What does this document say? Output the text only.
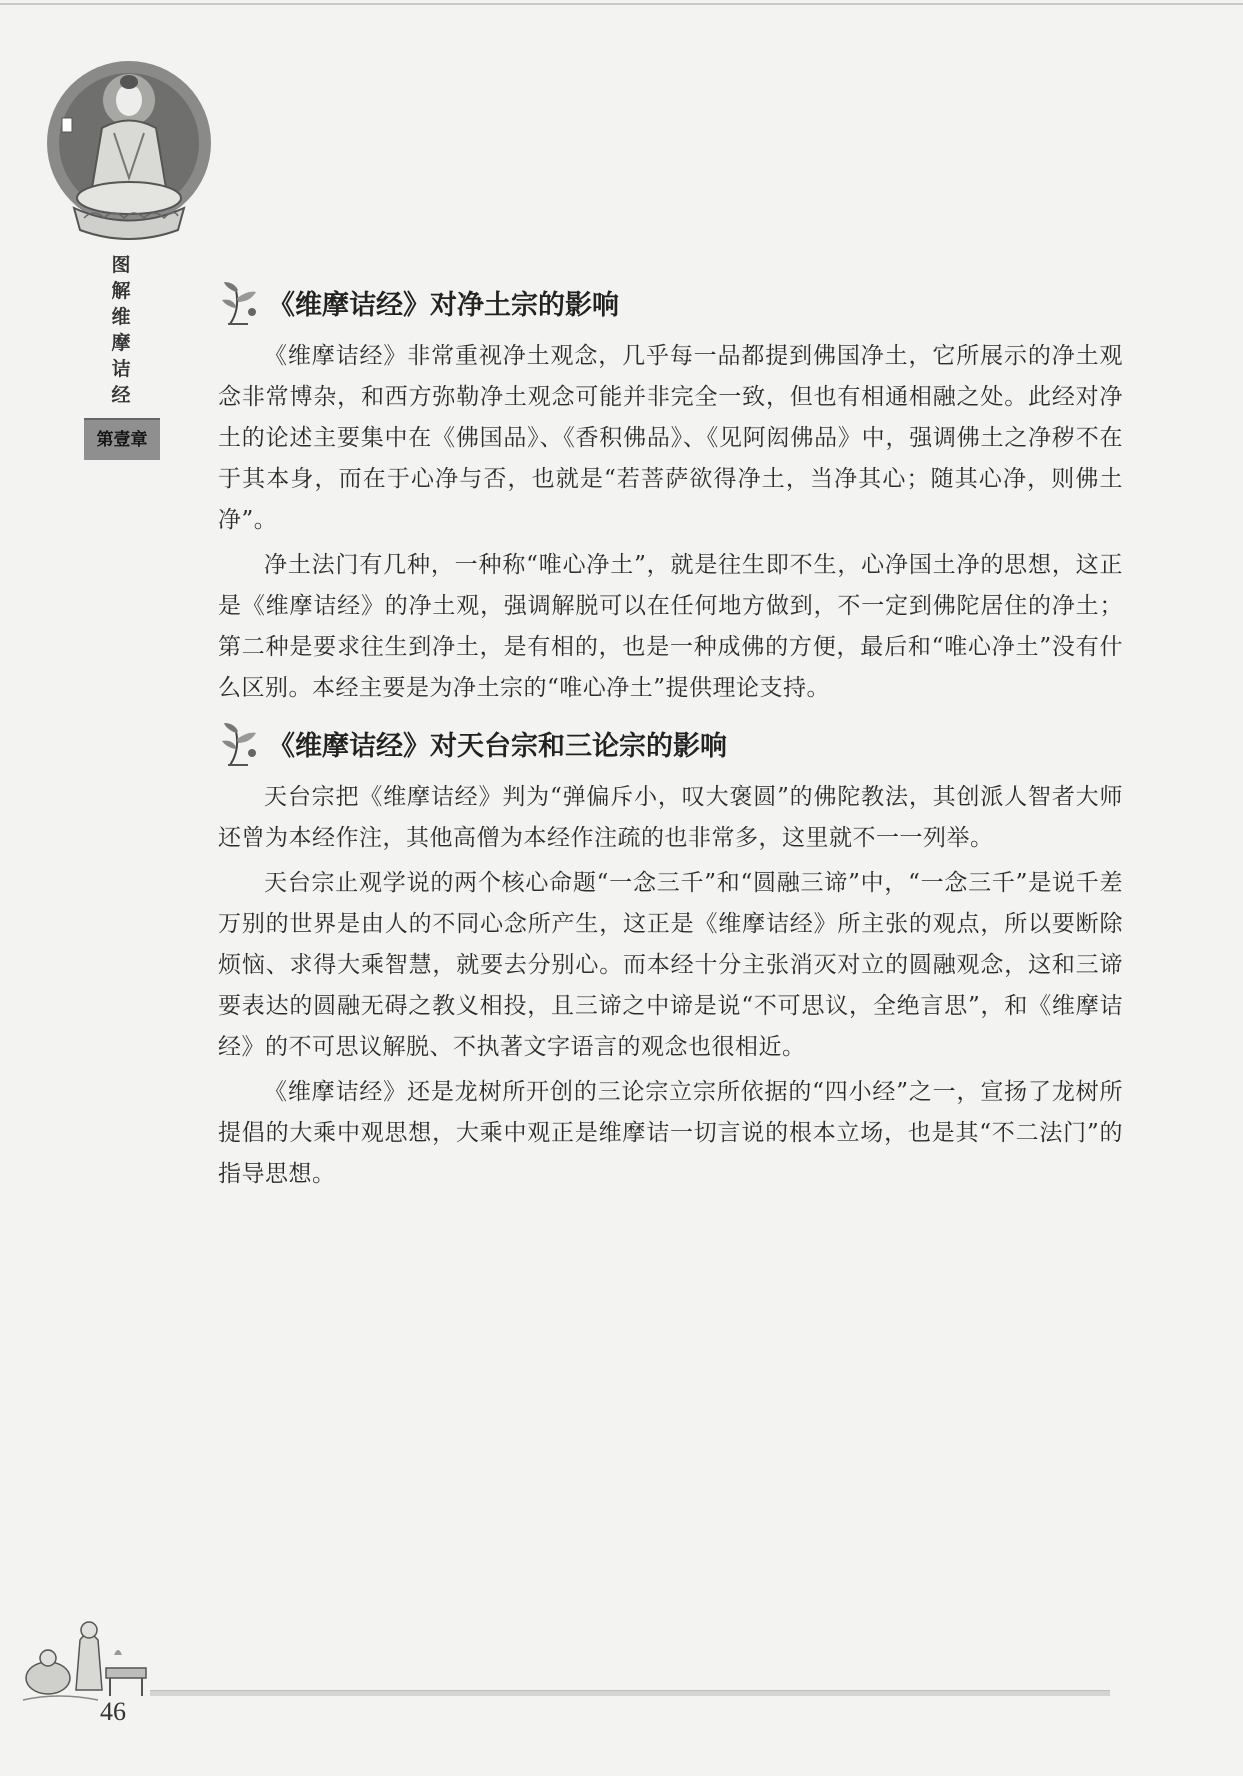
图
解
维
摩
诘
经
第壹章
《维摩诘经》对净土宗的影响

《维摩诘经》非常重视净土观念，几乎每一品都提到佛国净土，它所展示的净土观念非常博杂，和西方弥勒净土观念可能并非完全一致，但也有相通相融之处。此经对净土的论述主要集中在《佛国品》、《香积佛品》、《见阿闳佛品》中，强调佛土之净秽不在于其本身，而在于心净与否，也就是“若菩萨欲得净土，当净其心；随其心净，则佛土净”。

净土法门有几种，一种称“唯心净土”，就是往生即不生，心净国土净的思想，这正是《维摩诘经》的净土观，强调解脱可以在任何地方做到，不一定到佛陀居住的净土；第二种是要求往生到净土，是有相的，也是一种成佛的方便，最后和“唯心净土”没有什么区别。本经主要是为净土宗的“唯心净土”提供理论支持。

《维摩诘经》对天台宗和三论宗的影响

天台宗把《维摩诘经》判为“弹偏斥小，叹大褒圆”的佛陀教法，其创派人智者大师还曾为本经作注，其他高僧为本经作注疏的也非常多，这里就不一一列举。

天台宗止观学说的两个核心命题“一念三千”和“圆融三谛”中，“一念三千”是说千差万别的世界是由人的不同心念所产生，这正是《维摩诘经》所主张的观点，所以要断除烦恼、求得大乘智慧，就要去分别心。而本经十分主张消灭对立的圆融观念，这和三谛要表达的圆融无碍之教义相投，且三谛之中谛是说“不可思议，全绝言思”，和《维摩诘经》的不可思议解脱、不执著文字语言的观念也很相近。

《维摩诘经》还是龙树所开创的三论宗立宗所依据的“四小经”之一，宣扬了龙树所提倡的大乘中观思想，大乘中观正是维摩诘一切言说的根本立场，也是其“不二法门”的指导思想。

46
